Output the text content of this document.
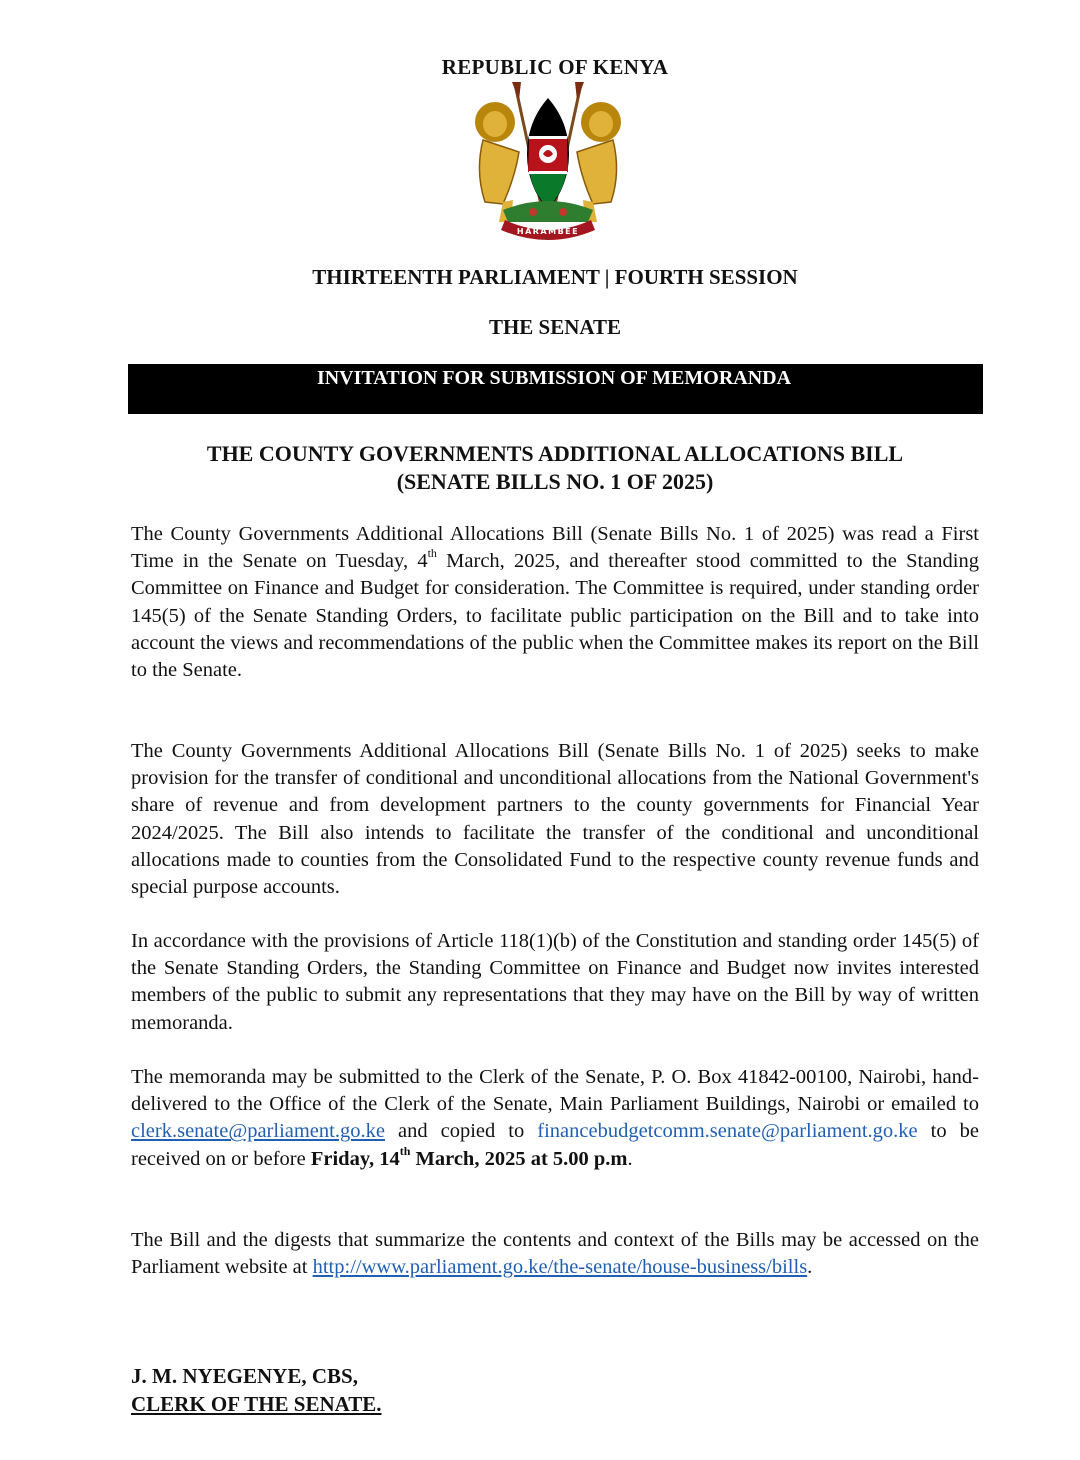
REPUBLIC OF KENYA
HARAMBEE
THIRTEENTH PARLIAMENT | FOURTH SESSION
THE SENATE
INVITATION FOR SUBMISSION OF MEMORANDA
THE COUNTY GOVERNMENTS ADDITIONAL ALLOCATIONS BILL
(SENATE BILLS NO. 1 OF 2025)
The County Governments Additional Allocations Bill (Senate Bills No. 1 of 2025) was read a First Time in the Senate on Tuesday, 4th March, 2025, and thereafter stood committed to the Standing Committee on Finance and Budget for consideration. The Committee is required, under standing order 145(5) of the Senate Standing Orders, to facilitate public participation on the Bill and to take into account the views and recommendations of the public when the Committee makes its report on the Bill to the Senate.
The County Governments Additional Allocations Bill (Senate Bills No. 1 of 2025) seeks to make provision for the transfer of conditional and unconditional allocations from the National Government's share of revenue and from development partners to the county governments for Financial Year 2024/2025. The Bill also intends to facilitate the transfer of the conditional and unconditional allocations made to counties from the Consolidated Fund to the respective county revenue funds and special purpose accounts.
In accordance with the provisions of Article 118(1)(b) of the Constitution and standing order 145(5) of the Senate Standing Orders, the Standing Committee on Finance and Budget now invites interested members of the public to submit any representations that they may have on the Bill by way of written memoranda.
The memoranda may be submitted to the Clerk of the Senate, P. O. Box 41842-00100, Nairobi, hand-delivered to the Office of the Clerk of the Senate, Main Parliament Buildings, Nairobi or emailed to clerk.senate@parliament.go.ke and copied to financebudgetcomm.senate@parliament.go.ke to be received on or before Friday, 14th March, 2025 at 5.00 p.m.
The Bill and the digests that summarize the contents and context of the Bills may be accessed on the Parliament website at http://www.parliament.go.ke/the-senate/house-business/bills.
J. M. NYEGENYE, CBS,
CLERK OF THE SENATE.
